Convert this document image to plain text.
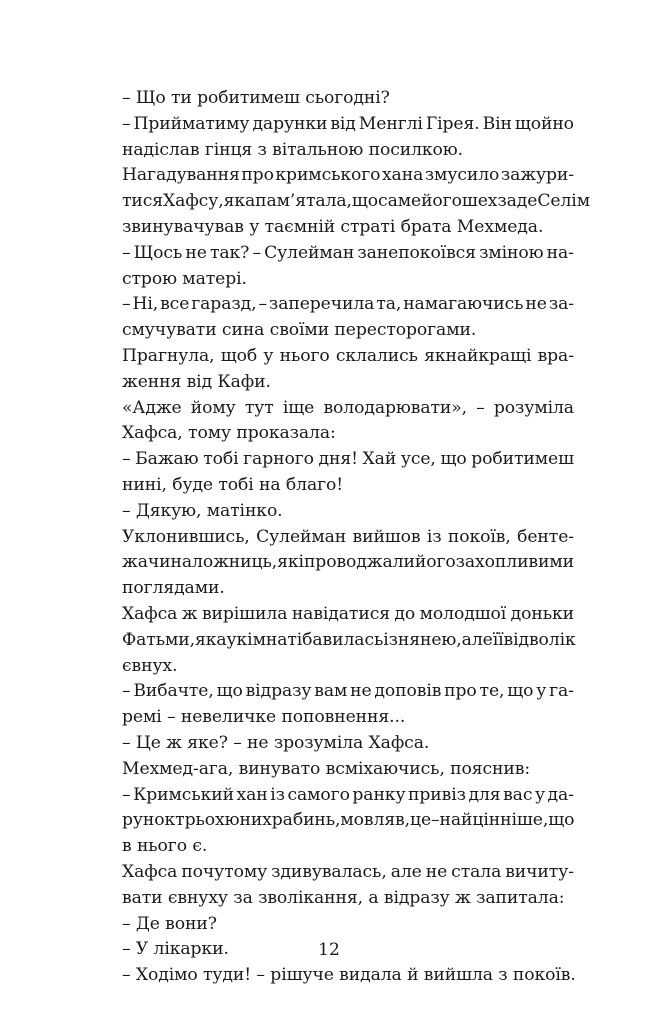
– Що ти робитимеш сьогодні?
– Прийматиму дарунки від Менглі Гірея. Він щойно
надіслав гінця з вітальною посилкою.
Нагадування про кримського хана змусило зажури-
тися Хафсу, яка пам’ятала, що саме його шехзаде Селім
звинувачував у таємній страті брата Мехмеда.
– Щось не так? – Сулейман занепокоївся зміною на-
строю матері.
– Ні, все гаразд, – заперечила та, намагаючись не за-
смучувати сина своїми пересторогами.
Прагнула, щоб у нього склались якнайкращі вра-
ження від Кафи.
«Адже йому тут іще володарювати», – розуміла
Хафса, тому проказала:
– Бажаю тобі гарного дня! Хай усе, що робитимеш
нині, буде тобі на благо!
– Дякую, матінко.
Уклонившись, Сулейман вийшов із покоїв, бенте-
жачи наложниць, які проводжали його захопливими
поглядами.
Хафса ж вирішила навідатися до молодшої доньки
Фатьми, яка у кімнаті бавилась із нянею, але її відволік
євнух.
– Вибачте, що відразу вам не доповів про те, що у га-
ремі – невеличке поповнення...
– Це ж яке? – не зрозуміла Хафса.
Мехмед-ага, винувато всміхаючись, пояснив:
– Кримський хан із самого ранку привіз для вас у да-
рунок трьох юних рабинь, мовляв, це – найцінніше, що
в нього є.
Хафса почутому здивувалась, але не стала вичиту-
вати євнуху за зволікання, а відразу ж запитала:
– Де вони?
– У лікарки.
– Ходімо туди! – рішуче видала й вийшла з покоїв.
12
